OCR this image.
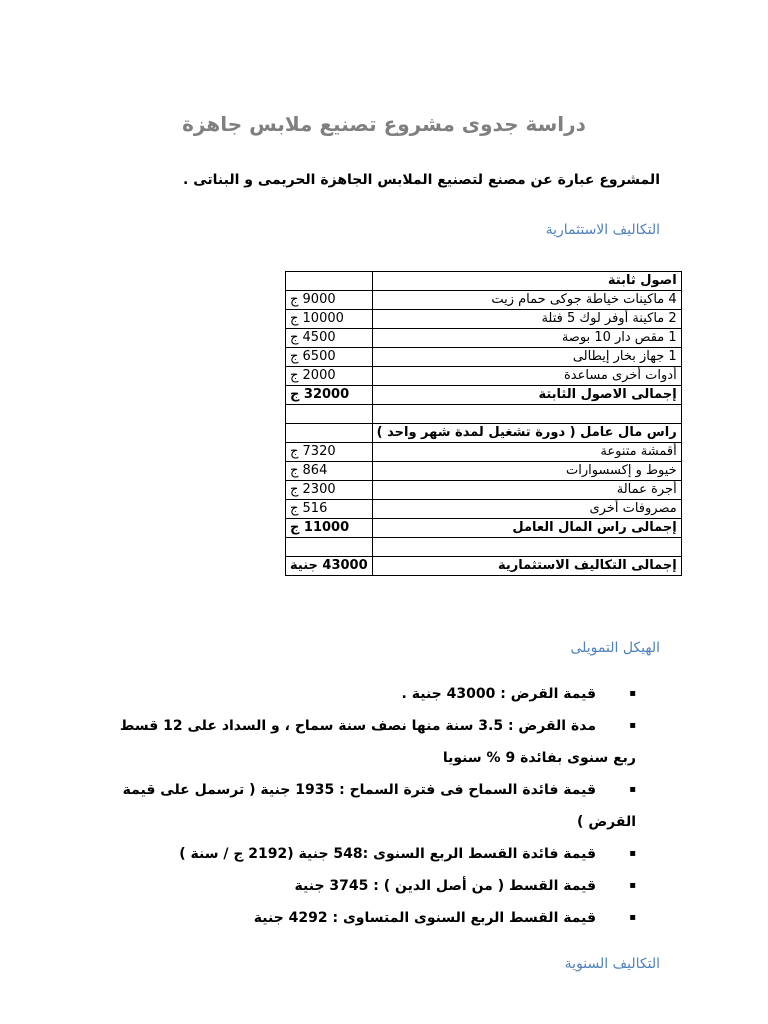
دراسة جدوى مشروع تصنيع ملابس جاهزة
المشروع عبارة عن مصنع لتصنيع الملابس الجاهزة الحريمى و البناتى .
التكاليف الاستثمارية
اصول ثابتة	
4 ماكينات خياطة جوكى حمام زيت	9000 ج
2 ماكينة أوفر لوك 5 فتلة	10000 ج
1 مقص دار 10 بوصة	4500 ج
1 جهاز بخار إيطالى	6500 ج
أدوات أخرى مساعدة	2000 ج
إجمالى الاصول الثابتة	32000 ج

راس مال عامل ( دورة تشغيل لمدة شهر واحد )	
أقمشة متنوعة	7320 ج
خيوط و إكسسوارات	864 ج
أجرة عمالة	2300 ج
مصروفات أخرى	516 ج
إجمالى راس المال العامل	11000 ج

إجمالى التكاليف الاستثمارية	43000 جنية
الهيكل التمويلى
▪
قيمة القرض : 43000 جنية .
▪
مدة القرض : 3.5 سنة منها نصف سنة سماح ، و السداد على 12 قسط
ربع سنوى بفائدة 9 % سنويا
▪
قيمة فائدة السماح فى فترة السماح : 1935 جنية ( ترسمل على قيمة
القرض )
▪
قيمة فائدة القسط الربع السنوى :548 جنية (2192 ج / سنة )
▪
قيمة القسط ( من أصل الدين ) : 3745 جنية
▪
قيمة القسط الربع السنوى المتساوى : 4292 جنية
التكاليف السنوية
